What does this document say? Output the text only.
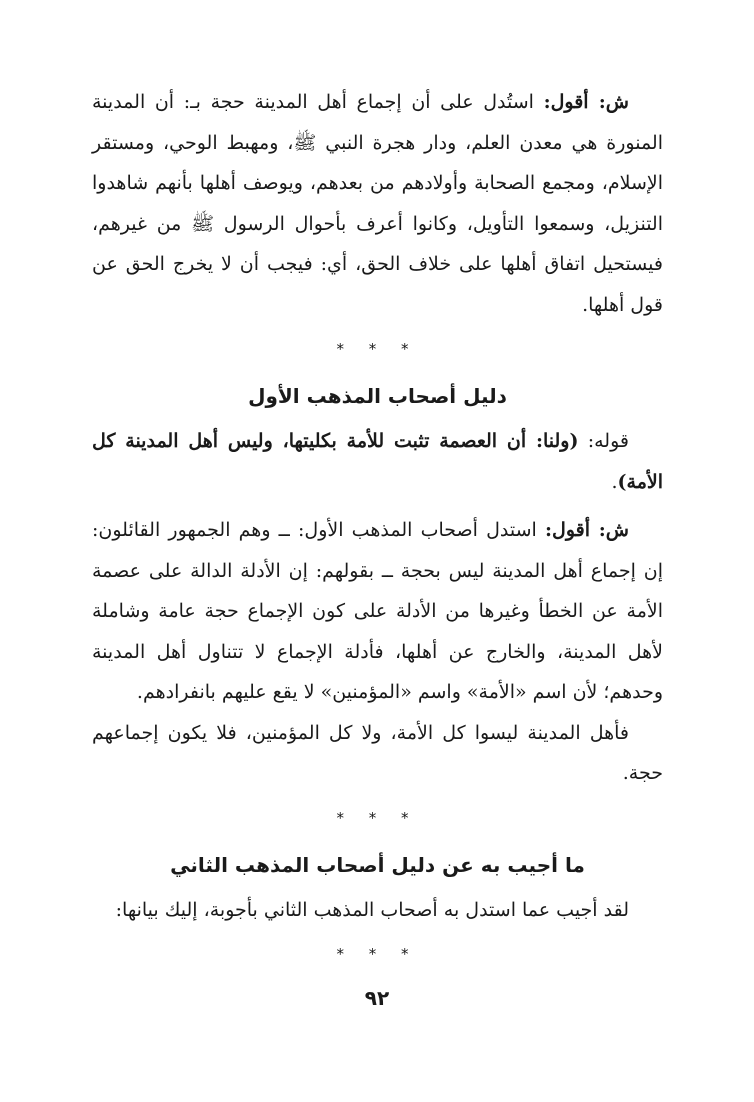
ش: أقول: استُدل على أن إجماع أهل المدينة حجة بـ: أن المدينة المنورة هي معدن العلم، ودار هجرة النبي ﷺ، ومهبط الوحي، ومستقر الإسلام، ومجمع الصحابة وأولادهم من بعدهم، ويوصف أهلها بأنهم شاهدوا التنزيل، وسمعوا التأويل، وكانوا أعرف بأحوال الرسول ﷺ من غيرهم، فيستحيل اتفاق أهلها على خلاف الحق، أي: فيجب أن لا يخرج الحق عن قول أهلها.

* * *
دليل أصحاب المذهب الأول

قوله: (ولنا: أن العصمة تثبت للأمة بكليتها، وليس أهل المدينة كل الأمة).

ش: أقول: استدل أصحاب المذهب الأول: ــ وهم الجمهور القائلون: إن إجماع أهل المدينة ليس بحجة ــ بقولهم: إن الأدلة الدالة على عصمة الأمة عن الخطأ وغيرها من الأدلة على كون الإجماع حجة عامة وشاملة لأهل المدينة، والخارج عن أهلها، فأدلة الإجماع لا تتناول أهل المدينة وحدهم؛ لأن اسم «الأمة» واسم «المؤمنين» لا يقع عليهم بانفرادهم.

فأهل المدينة ليسوا كل الأمة، ولا كل المؤمنين، فلا يكون إجماعهم حجة.

* * *
ما أجيب به عن دليل أصحاب المذهب الثاني

لقد أجيب عما استدل به أصحاب المذهب الثاني بأجوبة، إليك بيانها:

* * *
٩٢
